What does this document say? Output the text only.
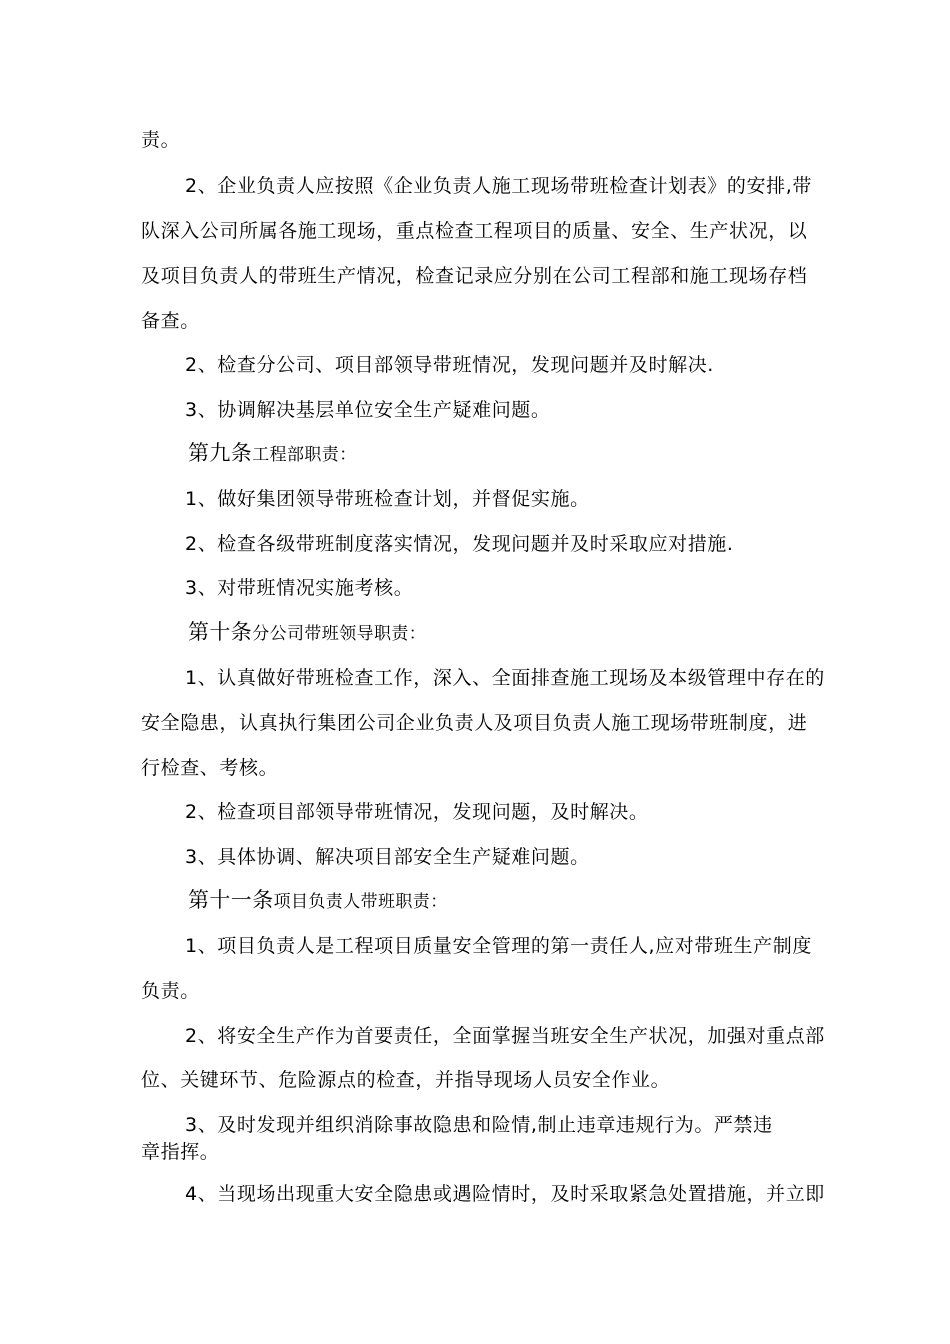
责。
2、企业负责人应按照《企业负责人施工现场带班检查计划表》的安排,带
队深入公司所属各施工现场，重点检查工程项目的质量、安全、生产状况，以
及项目负责人的带班生产情况，检查记录应分别在公司工程部和施工现场存档
备查。
2、检查分公司、项目部领导带班情况，发现问题并及时解决.
3、协调解决基层单位安全生产疑难问题。
第九条工程部职责：
1、做好集团领导带班检查计划，并督促实施。
2、检查各级带班制度落实情况，发现问题并及时采取应对措施.
3、对带班情况实施考核。
第十条分公司带班领导职责：
1、认真做好带班检查工作，深入、全面排查施工现场及本级管理中存在的
安全隐患，认真执行集团公司企业负责人及项目负责人施工现场带班制度，进
行检查、考核。
2、检查项目部领导带班情况，发现问题，及时解决。
3、具体协调、解决项目部安全生产疑难问题。
第十一条项目负责人带班职责：
1、项目负责人是工程项目质量安全管理的第一责任人,应对带班生产制度
负责。
2、将安全生产作为首要责任，全面掌握当班安全生产状况，加强对重点部
位、关键环节、危险源点的检查，并指导现场人员安全作业。
3、及时发现并组织消除事故隐患和险情,制止违章违规行为。严禁违
章指挥。
4、当现场出现重大安全隐患或遇险情时，及时采取紧急处置措施，并立即
